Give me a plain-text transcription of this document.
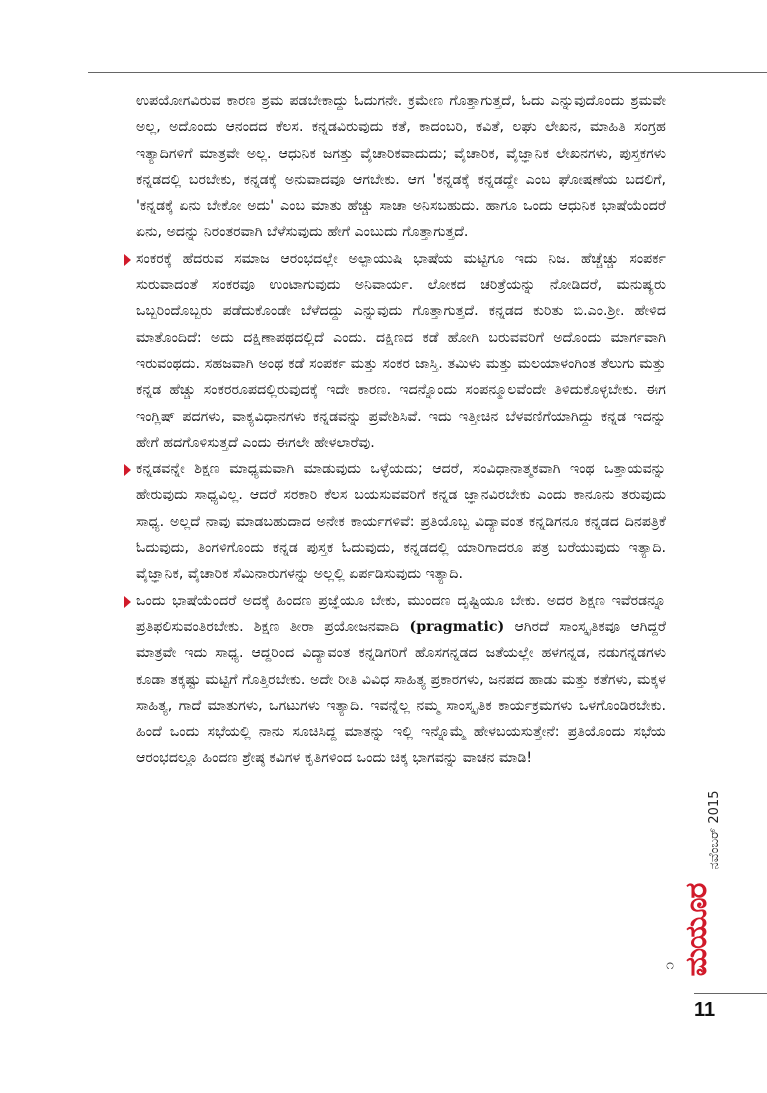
ಉಪಯೋಗವಿರುವ ಕಾರಣ ಶ್ರಮ ಪಡಬೇಕಾದ್ದು ಓದುಗನೇ. ಕ್ರಮೇಣ ಗೊತ್ತಾಗುತ್ತದೆ, ಓದು ಎನ್ನುವುದೊಂದು ಶ್ರಮವೇ ಅಲ್ಲ, ಅದೊಂದು ಆನಂದದ ಕೆಲಸ. ಕನ್ನಡವಿರುವುದು ಕತೆ, ಕಾದಂಬರಿ, ಕವಿತೆ, ಲಘು ಲೇಖನ, ಮಾಹಿತಿ ಸಂಗ್ರಹ ಇತ್ಯಾದಿಗಳಿಗೆ ಮಾತ್ರವೇ ಅಲ್ಲ. ಆಧುನಿಕ ಜಗತ್ತು ವೈಚಾರಿಕವಾದುದು; ವೈಚಾರಿಕ, ವೈಜ್ಞಾನಿಕ ಲೇಖನಗಳು, ಪುಸ್ತಕಗಳು ಕನ್ನಡದಲ್ಲಿ ಬರಬೇಕು, ಕನ್ನಡಕ್ಕೆ ಅನುವಾದವೂ ಆಗಬೇಕು. ಆಗ 'ಕನ್ನಡಕ್ಕೆ ಕನ್ನಡದ್ದೇ ಎಂಬ ಘೋಷಣೆಯ ಬದಲಿಗೆ, 'ಕನ್ನಡಕ್ಕೆ ಏನು ಬೇಕೋ ಅದು' ಎಂಬ ಮಾತು ಹೆಚ್ಚು ಸಾಚಾ ಅನಿಸಬಹುದು. ಹಾಗೂ ಒಂದು ಆಧುನಿಕ ಭಾಷೆಯೆಂದರೆ ಏನು, ಅದನ್ನು ನಿರಂತರವಾಗಿ ಬೆಳೆಸುವುದು ಹೇಗೆ ಎಂಬುದು ಗೊತ್ತಾಗುತ್ತದೆ.

ಸಂಕರಕ್ಕೆ ಹೆದರುವ ಸಮಾಜ ಆರಂಭದಲ್ಲೇ ಅಲ್ಪಾಯುಷಿ ಭಾಷೆಯ ಮಟ್ಟಿಗೂ ಇದು ನಿಜ. ಹೆಚ್ಚೆಚ್ಚು ಸಂಪರ್ಕ ಸುರುವಾದಂತೆ ಸಂಕರವೂ ಉಂಟಾಗುವುದು ಅನಿವಾರ್ಯ. ಲೋಕದ ಚರಿತ್ರೆಯನ್ನು ನೋಡಿದರೆ, ಮನುಷ್ಯರು ಒಬ್ಬರಿಂದೊಬ್ಬರು ಪಡೆದುಕೊಂಡೇ ಬೆಳೆದದ್ದು ಎನ್ನುವುದು ಗೊತ್ತಾಗುತ್ತದೆ. ಕನ್ನಡದ ಕುರಿತು ಬಿ.ಎಂ.ಶ್ರೀ. ಹೇಳಿದ ಮಾತೊಂದಿದೆ: ಅದು ದಕ್ಷಿಣಾಪಥದಲ್ಲಿದೆ ಎಂದು. ದಕ್ಷಿಣದ ಕಡೆ ಹೋಗಿ ಬರುವವರಿಗೆ ಅದೊಂದು ಮಾರ್ಗವಾಗಿ ಇರುವಂಥದು. ಸಹಜವಾಗಿ ಅಂಥ ಕಡೆ ಸಂಪರ್ಕ ಮತ್ತು ಸಂಕರ ಜಾಸ್ತಿ. ತಮಿಳು ಮತ್ತು ಮಲಯಾಳಂಗಿಂತ ತೆಲುಗು ಮತ್ತು ಕನ್ನಡ ಹೆಚ್ಚು ಸಂಕರರೂಪದಲ್ಲಿರುವುದಕ್ಕೆ ಇದೇ ಕಾರಣ. ಇದನ್ನೊಂದು ಸಂಪನ್ಮೂಲವೆಂದೇ ತಿಳಿದುಕೊಳ್ಳಬೇಕು. ಈಗ ಇಂಗ್ಲಿಷ್ ಪದಗಳು, ವಾಕ್ಯವಿಧಾನಗಳು ಕನ್ನಡವನ್ನು ಪ್ರವೇಶಿಸಿವೆ. ಇದು ಇತ್ತೀಚಿನ ಬೆಳವಣಿಗೆಯಾಗಿದ್ದು ಕನ್ನಡ ಇದನ್ನು ಹೇಗೆ ಹದಗೊಳಿಸುತ್ತದೆ ಎಂದು ಈಗಲೇ ಹೇಳಲಾರೆವು.

ಕನ್ನಡವನ್ನೇ ಶಿಕ್ಷಣ ಮಾಧ್ಯಮವಾಗಿ ಮಾಡುವುದು ಒಳ್ಳೆಯದು; ಆದರೆ, ಸಂವಿಧಾನಾತ್ಮಕವಾಗಿ ಇಂಥ ಒತ್ತಾಯವನ್ನು ಹೇರುವುದು ಸಾಧ್ಯವಿಲ್ಲ. ಆದರೆ ಸರಕಾರಿ ಕೆಲಸ ಬಯಸುವವರಿಗೆ ಕನ್ನಡ ಜ್ಞಾನವಿರಬೇಕು ಎಂದು ಕಾನೂನು ತರುವುದು ಸಾಧ್ಯ. ಅಲ್ಲದೆ ನಾವು ಮಾಡಬಹುದಾದ ಅನೇಕ ಕಾರ್ಯಗಳಿವೆ: ಪ್ರತಿಯೊಬ್ಬ ವಿದ್ಯಾವಂತ ಕನ್ನಡಿಗನೂ ಕನ್ನಡದ ದಿನಪತ್ರಿಕೆ ಓದುವುದು, ತಿಂಗಳಿಗೊಂದು ಕನ್ನಡ ಪುಸ್ತಕ ಓದುವುದು, ಕನ್ನಡದಲ್ಲಿ ಯಾರಿಗಾದರೂ ಪತ್ರ ಬರೆಯುವುದು ಇತ್ಯಾದಿ. ವೈಜ್ಞಾನಿಕ, ವೈಚಾರಿಕ ಸೆಮಿನಾರುಗಳನ್ನು ಅಲ್ಲಲ್ಲಿ ಏರ್ಪಡಿಸುವುದು ಇತ್ಯಾದಿ.

ಒಂದು ಭಾಷೆಯೆಂದರೆ ಅದಕ್ಕೆ ಹಿಂದಣ ಪ್ರಜ್ಞೆಯೂ ಬೇಕು, ಮುಂದಣ ದೃಷ್ಟಿಯೂ ಬೇಕು. ಅದರ ಶಿಕ್ಷಣ ಇವೆರಡನ್ನೂ ಪ್ರತಿಫಲಿಸುವಂತಿರಬೇಕು. ಶಿಕ್ಷಣ ತೀರಾ ಪ್ರಯೋಜನವಾದಿ (pragmatic) ಆಗಿರದೆ ಸಾಂಸ್ಕೃತಿಕವೂ ಆಗಿದ್ದರೆ ಮಾತ್ರವೇ ಇದು ಸಾಧ್ಯ. ಆದ್ದರಿಂದ ವಿದ್ಯಾವಂತ ಕನ್ನಡಿಗರಿಗೆ ಹೊಸಗನ್ನಡದ ಜತೆಯಲ್ಲೇ ಹಳಗನ್ನಡ, ನಡುಗನ್ನಡಗಳು ಕೂಡಾ ತಕ್ಕಷ್ಟು ಮಟ್ಟಿಗೆ ಗೊತ್ತಿರಬೇಕು. ಅದೇ ರೀತಿ ವಿವಿಧ ಸಾಹಿತ್ಯ ಪ್ರಕಾರಗಳು, ಜನಪದ ಹಾಡು ಮತ್ತು ಕತೆಗಳು, ಮಕ್ಕಳ ಸಾಹಿತ್ಯ, ಗಾದೆ ಮಾತುಗಳು, ಒಗಟುಗಳು ಇತ್ಯಾದಿ. ಇವನ್ನೆಲ್ಲ ನಮ್ಮ ಸಾಂಸ್ಕೃತಿಕ ಕಾರ್ಯಕ್ರಮಗಳು ಒಳಗೊಂಡಿರಬೇಕು. ಹಿಂದೆ ಒಂದು ಸಭೆಯಲ್ಲಿ ನಾನು ಸೂಚಿಸಿದ್ದ ಮಾತನ್ನು ಇಲ್ಲಿ ಇನ್ನೊಮ್ಮೆ ಹೇಳಬಯಸುತ್ತೇನೆ: ಪ್ರತಿಯೊಂದು ಸಭೆಯ ಆರಂಭದಲ್ಲೂ ಹಿಂದಣ ಶ್ರೇಷ್ಠ ಕವಿಗಳ ಕೃತಿಗಳಿಂದ ಒಂದು ಚಿಕ್ಕ ಭಾಗವನ್ನು ವಾಚನ ಮಾಡಿ!

ನವೆಂಬರ್ 2015
ಮಯೂರ
೧
11
